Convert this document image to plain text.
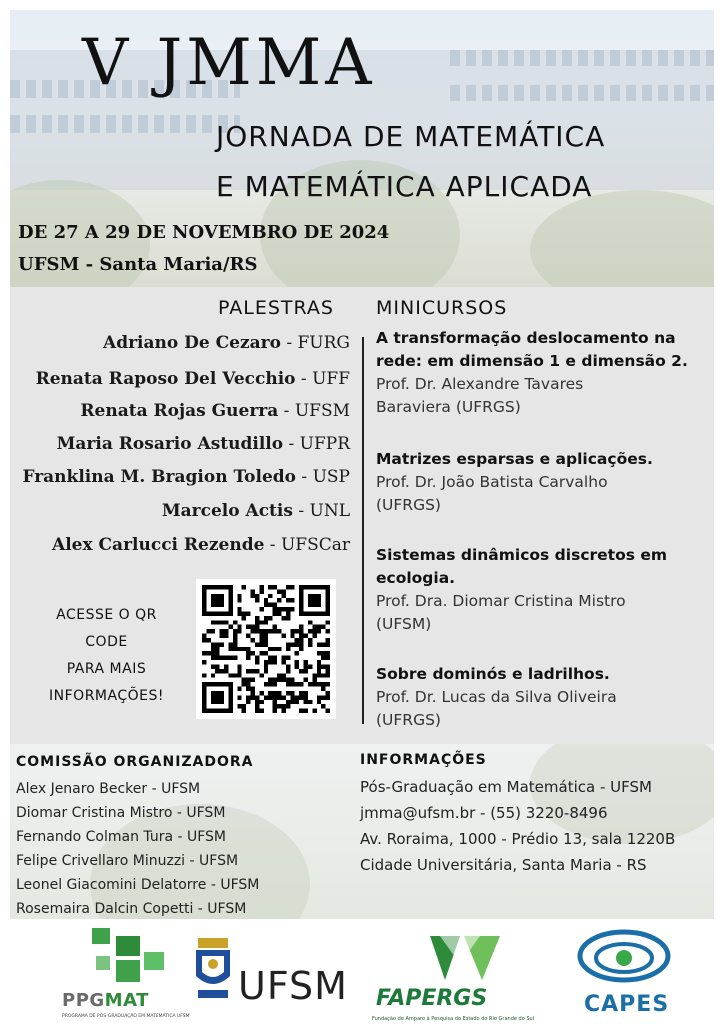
V JMMA
JORNADA DE MATEMÁTICA
E MATEMÁTICA APLICADA
DE 27 A 29 DE NOVEMBRO DE 2024
UFSM - Santa Maria/RS
PALESTRAS MINICURSOS
Adriano De Cezaro - FURG
Renata Raposo Del Vecchio - UFF
Renata Rojas Guerra - UFSM
Maria Rosario Astudillo - UFPR
Franklina M. Bragion Toledo - USP
Marcelo Actis - UNL
Alex Carlucci Rezende - UFSCar
ACESSE O QR
CODE
PARA MAIS
INFORMAÇÕES!
A transformação deslocamento na
rede: em dimensão 1 e dimensão 2.
Prof. Dr. Alexandre Tavares
Baraviera (UFRGS)
Matrizes esparsas e aplicações.
Prof. Dr. João Batista Carvalho
(UFRGS)
Sistemas dinâmicos discretos em
ecologia.
Prof. Dra. Diomar Cristina Mistro
(UFSM)
Sobre dominós e ladrilhos.
Prof. Dr. Lucas da Silva Oliveira
(UFRGS)
COMISSÃO ORGANIZADORA
Alex Jenaro Becker - UFSM
Diomar Cristina Mistro - UFSM
Fernando Colman Tura - UFSM
Felipe Crivellaro Minuzzi - UFSM
Leonel Giacomini Delatorre - UFSM
Rosemaira Dalcin Copetti - UFSM
INFORMAÇÕES
Pós-Graduação em Matemática - UFSM
jmma@ufsm.br - (55) 3220-8496
Av. Roraima, 1000 - Prédio 13, sala 1220B
Cidade Universitária, Santa Maria - RS
PPGMAT
PROGRAMA DE PÓS-GRADUAÇÃO EM MATEMÁTICA UFSM
UFSM FAPERGS
Fundação de Amparo à Pesquisa do Estado do Rio Grande do Sul
CAPES
